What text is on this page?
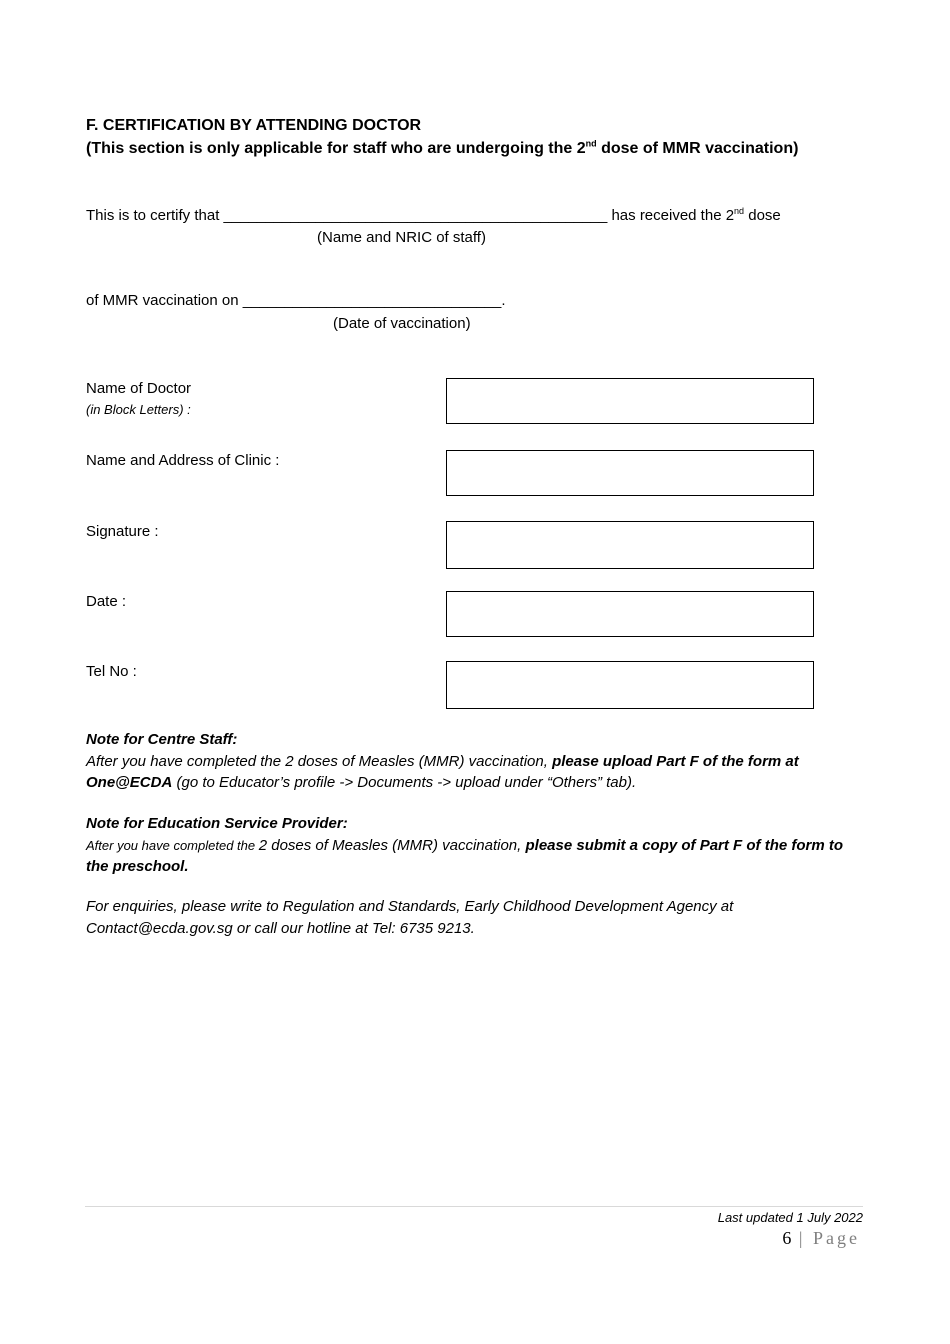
F. CERTIFICATION BY ATTENDING DOCTOR
(This section is only applicable for staff who are undergoing the 2nd dose of MMR vaccination)
This is to certify that ______________________________________________ has received the 2nd dose
(Name and NRIC of staff)
of MMR vaccination on _______________________________.
(Date of vaccination)
Name of Doctor
(in Block Letters) :
Name and Address of Clinic :
Signature :
Date :
Tel No :
Note for Centre Staff:
After you have completed the 2 doses of Measles (MMR) vaccination, please upload Part F of the form at One@ECDA (go to Educator’s profile -> Documents -> upload under “Others” tab).
Note for Education Service Provider:
After you have completed the 2 doses of Measles (MMR) vaccination, please submit a copy of Part F of the form to the preschool.
For enquiries, please write to Regulation and Standards, Early Childhood Development Agency at Contact@ecda.gov.sg or call our hotline at Tel: 6735 9213.
Last updated 1 July 2022
6 | Page
